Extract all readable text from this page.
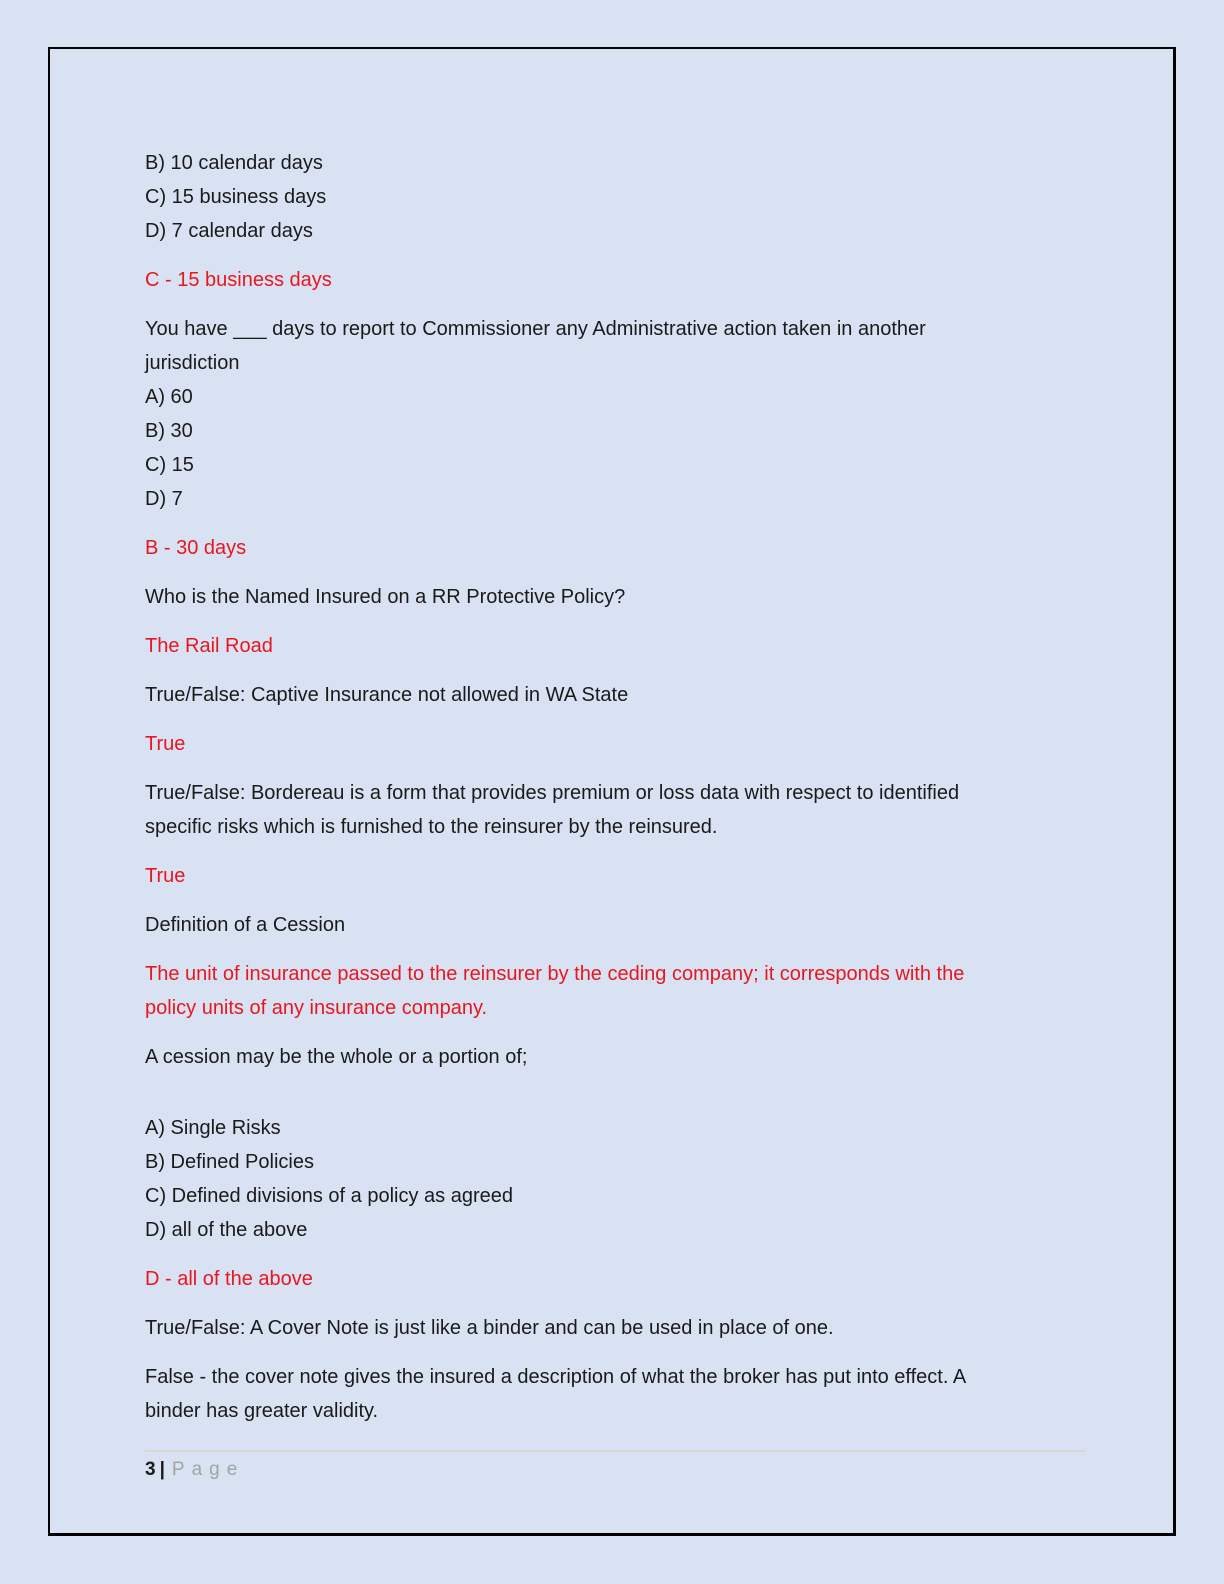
B) 10 calendar days
C) 15 business days
D) 7 calendar days
C - 15 business days
You have ___ days to report to Commissioner any Administrative action taken in another
jurisdiction
A) 60
B) 30
C) 15
D) 7
B - 30 days
Who is the Named Insured on a RR Protective Policy?
The Rail Road
True/False: Captive Insurance not allowed in WA State
True
True/False: Bordereau is a form that provides premium or loss data with respect to identified
specific risks which is furnished to the reinsurer by the reinsured.
True
Definition of a Cession
The unit of insurance passed to the reinsurer by the ceding company; it corresponds with the
policy units of any insurance company.
A cession may be the whole or a portion of;
A) Single Risks
B) Defined Policies
C) Defined divisions of a policy as agreed
D) all of the above
D - all of the above
True/False: A Cover Note is just like a binder and can be used in place of one.
False - the cover note gives the insured a description of what the broker has put into effect. A
binder has greater validity.
3 | Page
